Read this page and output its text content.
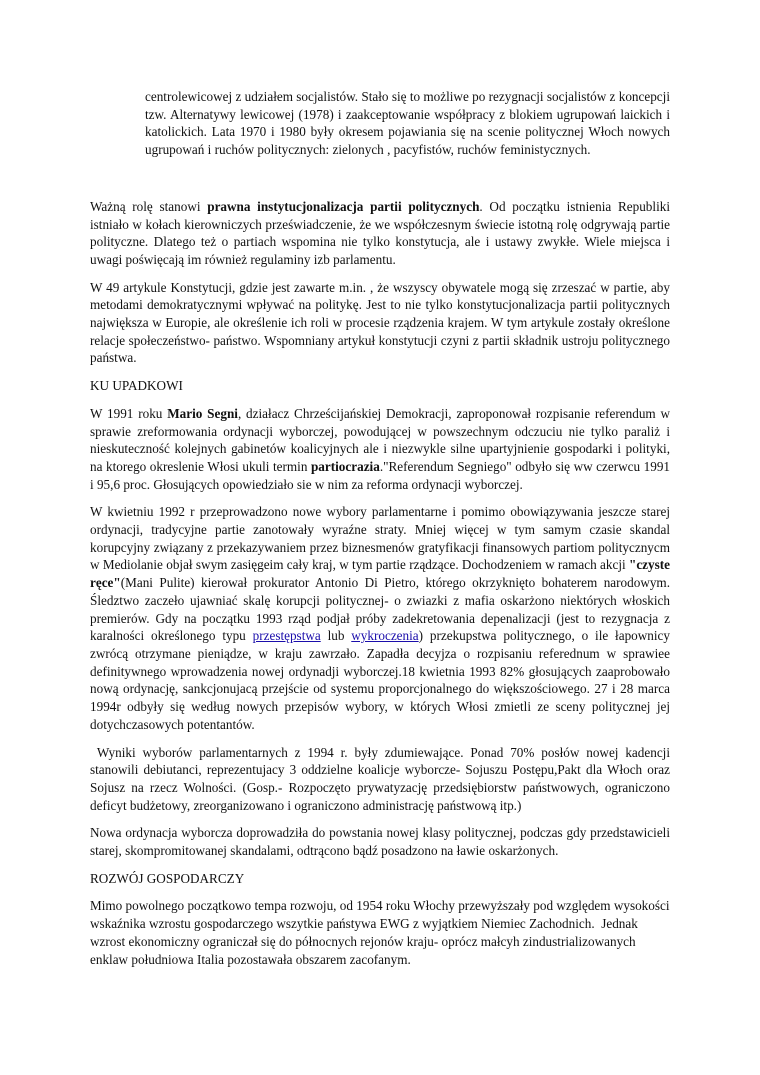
centrolewicowej z udziałem socjalistów. Stało się to możliwe po rezygnacji socjalistów z koncepcji tzw. Alternatywy lewicowej (1978) i zaakceptowanie współpracy z blokiem ugrupowań laickich i katolickich. Lata 1970 i 1980 były okresem pojawiania się na scenie politycznej Włoch nowych ugrupowań i ruchów politycznych: zielonych , pacyfistów, ruchów feministycznych.

Ważną rolę stanowi prawna instytucjonalizacja partii politycznych. Od początku istnienia Republiki istniało w kołach kierowniczych przeświadczenie, że we współczesnym świecie istotną rolę odgrywają partie polityczne. Dlatego też o partiach wspomina nie tylko konstytucja, ale i ustawy zwykłe. Wiele miejsca i uwagi poświęcają im również regulaminy izb parlamentu.

W 49 artykule Konstytucji, gdzie jest zawarte m.in. , że wszyscy obywatele mogą się zrzeszać w partie, aby metodami demokratycznymi wpływać na politykę. Jest to nie tylko konstytucjonalizacja partii politycznych największa w Europie, ale określenie ich roli w procesie rządzenia krajem. W tym artykule zostały określone relacje społeczeństwo- państwo. Wspomniany artykuł konstytucji czyni z partii składnik ustroju politycznego państwa.

KU UPADKOWI

W 1991 roku Mario Segni, działacz Chrześcijańskiej Demokracji, zaproponował rozpisanie referendum w sprawie zreformowania ordynacji wyborczej, powodującej w powszechnym odczuciu nie tylko paraliż i nieskuteczność kolejnych gabinetów koalicyjnych ale i niezwykle silne upartyjnienie gospodarki i polityki, na ktorego okreslenie Włosi ukuli termin partiocrazia."Referendum Segniego" odbyło się ww czerwcu 1991 i 95,6 proc. Głosujących opowiedziało sie w nim za reforma ordynacji wyborczej.

W kwietniu 1992 r przeprowadzono nowe wybory parlamentarne i pomimo obowiązywania jeszcze starej ordynacji, tradycyjne partie zanotowały wyraźne straty. Mniej więcej w tym samym czasie skandal korupcyjny związany z przekazywaniem przez biznesmenów gratyfikacji finansowych partiom politycznycm w Mediolanie objał swym zasięgeim cały kraj, w tym partie rządzące. Dochodzeniem w ramach akcji "czyste ręce"(Mani Pulite) kierował prokurator Antonio Di Pietro, którego okrzyknięto bohaterem narodowym. Śledztwo zaczeło ujawniać skalę korupcji politycznej- o zwiazki z mafia oskarżono niektórych włoskich premierów. Gdy na początku 1993 rząd podjał próby zadekretowania depenalizacji (jest to rezygnacja z karalności określonego typu przestępstwa lub wykroczenia) przekupstwa politycznego, o ile łapownicy zwrócą otrzymane pieniądze, w kraju zawrzało. Zapadła decyjza o rozpisaniu referednum w sprawiee definitywnego wprowadzenia nowej ordynadji wyborczej.18 kwietnia 1993 82% głosujących zaaprobowało nową ordynację, sankcjonujacą przejście od systemu proporcjonalnego do większościowego. 27 i 28 marca 1994r odbyły się według nowych przepisów wybory, w których Włosi zmietli ze sceny politycznej jej dotychczasowych potentantów.

Wyniki wyborów parlamentarnych z 1994 r. były zdumiewające. Ponad 70% posłów nowej kadencji stanowili debiutanci, reprezentujacy 3 oddzielne koalicje wyborcze- Sojuszu Postępu,Pakt dla Włoch oraz Sojusz na rzecz Wolności. (Gosp.- Rozpoczęto prywatyzację przedsiębiorstw państwowych, ograniczono deficyt budżetowy, zreorganizowano i ograniczono administrację państwową itp.)

Nowa ordynacja wyborcza doprowadziła do powstania nowej klasy politycznej, podczas gdy przedstawicieli starej, skompromitowanej skandalami, odtrącono bądź posadzono na ławie oskarżonych.

ROZWÓJ GOSPODARCZY

Mimo powolnego początkowo tempa rozwoju, od 1954 roku Włochy przewyższały pod względem wysokości wskaźnika wzrostu gospodarczego wszytkie państywa EWG z wyjątkiem Niemiec Zachodnich.  Jednak wzrost ekonomiczny ograniczał się do północnych rejonów kraju- oprócz małcyh zindustrializowanych enklaw południowa Italia pozostawała obszarem zacofanym.
